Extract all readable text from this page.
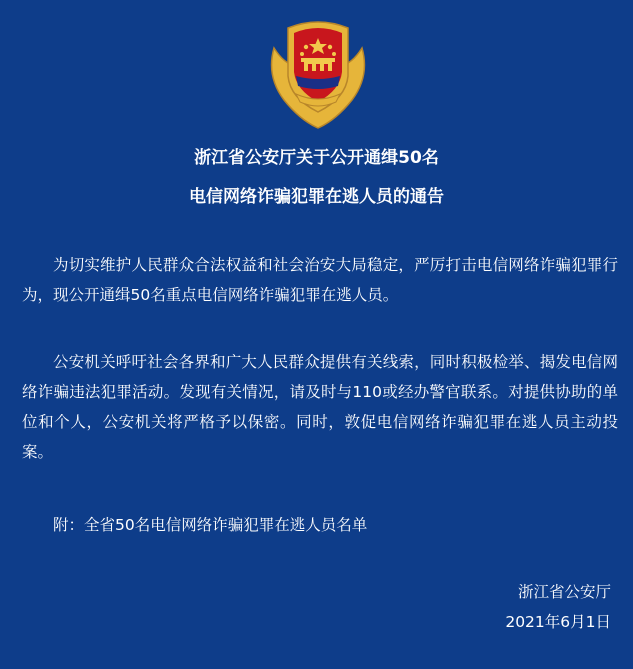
浙江省公安厅关于公开通缉50名
电信网络诈骗犯罪在逃人员的通告

为切实维护人民群众合法权益和社会治安大局稳定，严厉打击电信网络诈骗犯罪行为，现公开通缉50名重点电信网络诈骗犯罪在逃人员。

公安机关呼吁社会各界和广大人民群众提供有关线索，同时积极检举、揭发电信网络诈骗违法犯罪活动。发现有关情况，请及时与110或经办警官联系。对提供协助的单位和个人，公安机关将严格予以保密。同时，敦促电信网络诈骗犯罪在逃人员主动投案。

附：全省50名电信网络诈骗犯罪在逃人员名单

浙江省公安厅
2021年6月1日
